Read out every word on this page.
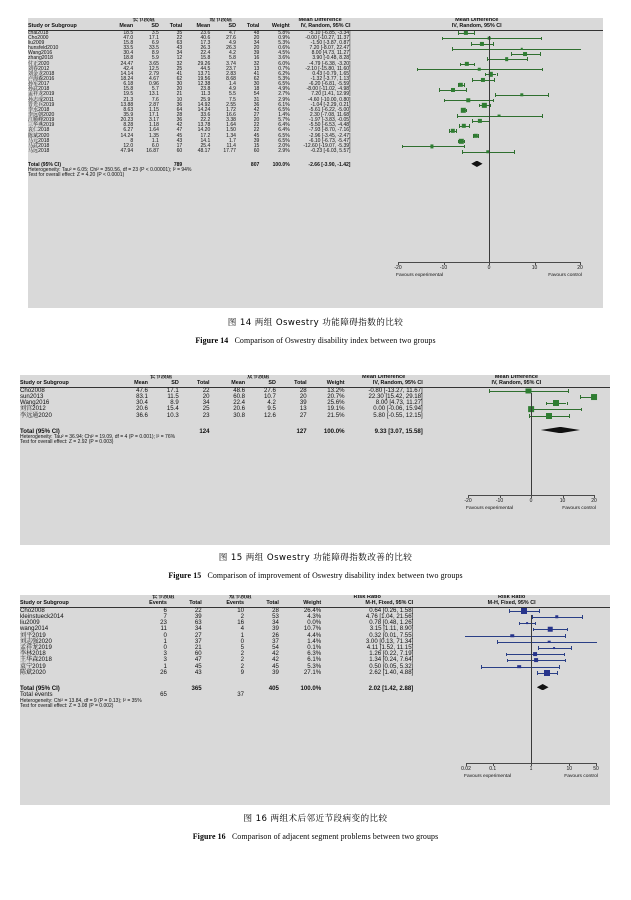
	长节段组			短节段组				Mean Difference	Mean Difference
Study or Subgroup	Mean	SD	Total	Mean	SD	Total	Weight	IV, Random, 95% CI	IV, Random, 95% CI

chai2018	18.5	3.5	35	23.6	4.7	48	5.8%	-5.10 [-6.85, -3.34]	
Cho2000	47.0	17.1	22	40.6	27.6	20	0.9%	-0.00 [-10.27, 11.37]	
liu2009	15.8	6.9	63	17.3	4.9	34	5.3%	-1.50 [-3.87, 0.87]	
hunsfeld2010	33.5	33.5	43	26.3	26.3	20	0.6%	7.20 [-8.07, 22.47]	
Wang2016	30.4	8.9	34	22.4	4.2	39	4.5%	8.00 [4.73, 11.27]	
zhang2018	18.8	5.9	12	15.8	5.8	16	3.6%	3.90 [-0.48, 8.28]	
付正2020	24.47	3.65	32	29.26	3.74	32	6.0%	-4.79 [-6.38, -3.20]	
刘春2012	42.4	12.5	25	44.5	23.7	13	0.7%	-2.10 [-15.80, 11.60]	
刘金龙2018	14.14	2.79	41	13.71	2.83	41	6.2%	0.43 [-0.79, 1.65]	
卢海森2016	18.24	4.67	62	19.56	8.68	62	5.3%	-1.32 [-3.77, 1.13]	
孙军2017	6.18	0.96	30	12.38	1.4	30	6.5%	-6.20 [-6.81, -5.59]	
孙武2018	15.8	5.7	20	23.8	4.9	18	4.9%	-8.00 [-11.02, -4.98]	
孟祥龙2019	19.5	13.1	21	11.3	5.5	54	2.7%	7.20 [1.41, 12.99]	
孙志成2011	21.3	7.6	10	25.9	7.5	31	2.9%	-4.60 [-10.00, 0.80]	
晋光兵2019	13.88	2.87	36	14.92	2.55	36	6.1%	-1.04 [-2.29, 0.21]	
李水2018	8.63	1.15	64	14.24	1.72	42	6.5%	-5.61 [-6.22, -5.00]	
李远朝2020	35.9	17.1	28	33.6	16.6	27	1.4%	2.30 [-7.08, 11.68]	
江顺峰2019	20.23	3.17	36	22.2	3.38	20	5.7%	-1.97 [-3.83, -0.05]	
三华燕2019	8.28	1.18	42	13.78	1.64	22	6.4%	-5.50 [-6.53, -4.48]	
袁仁2018	6.27	1.64	47	14.20	1.50	22	6.4%	-7.93 [-8.70, -7.16]	
陈斌2020	14.24	1.35	45	17.2	1.34	45	6.5%	-2.96 [-3.45, -2.47]	
马元2018	8	1.1	43	14.1	1.7	39	6.5%	-6.10 [-6.73, -5.47]	
马武2018	12.0	6.0	17	25.4	11.4	15	2.0%	-12.60 [-19.07, -5.39]	
马远2018	47.94	16.87	60	48.17	17.77	60	2.9%	-0.23 [-6.03, 5.57]	

Total (95% CI)			789			807	100.0%	-2.66 [-3.90, -1.42]	
Heterogeneity: Tau² = 6.05; Chi² = 350.56, df = 23 (P < 0.00001); I² = 94%									
Test for overall effect: Z = 4.20 (P < 0.0001)									
-20	-10	0	10	20
Favours experimental	Favours control
图 14 两组 Oswestry 功能障碍指数的比较
Figure 14 Comparison of Oswestry disability index between two groups
	长节段组			双节段组				Mean Difference	Mean Difference
Study or Subgroup	Mean	SD	Total	Mean	SD	Total	Weight	IV, Random, 95% CI	IV, Random, 95% CI

Cho2008	47.6	17.1	22	48.6	27.6	28	13.2%	-0.80 [-13.27, 11.67]	
sun2013	83.1	11.5	20	60.8	10.7	20	20.7%	22.30 [15.42, 29.18]	
Wang2016	30.4	8.9	34	22.4	4.2	39	25.6%	8.00 [4.73, 11.27]	
刘宫2012	20.6	15.4	25	20.6	9.5	13	19.1%	0.00 [-0.06, 15.94]	
李远通2020	36.6	10.3	23	30.8	12.6	27	21.5%	5.80 [-0.55, 12.15]	

Total (95% CI)			124			127	100.0%	9.33 [3.07, 15.58]	
Heterogeneity: Tau² = 36.94; Chi² = 19.09, df = 4 (P = 0.001); I² = 76%									
Test for overall effect: Z = 2.92 (P = 0.003)									
-20	-10	0	10	20
Favours experimental	Favours control
图 15 两组 Oswestry 功能障碍指数改善的比较
Figure 15 Comparison of improvement of Oswestry disability index between two groups
	长节段组		短节段组			Risk Ratio	Risk Ratio
Study or Subgroup	Events	Total	Events	Total	Weight	M-H, Fixed, 95% CI	M-H, Fixed, 95% CI

Cho2008	6	22	10	28	26.4%	0.64 [0.26, 1.58]	
kleinstueck2014	7	39	2	53	4.3%	4.76 [1.04, 21.56]	
liu2009	23	63	16	34	0.0%	0.78 [0.48, 1.26]	
wang2014	11	34	4	39	10.7%	3.15 [1.11, 8.90]	
刘平2019	0	27	1	26	4.4%	0.32 [0.01, 7.55]	
刘志强2020	1	37	0	37	1.4%	3.00 [0.13, 71.34]	
孟祥龙2019	0	21	5	54	0.1%	4.11 [1.52, 11.15]	
李林2018	3	60	2	42	6.3%	1.26 [0.22, 7.19]	
王华森2018	3	47	2	42	6.1%	1.34 [0.24, 7.64]	
袁宁2019	1	45	2	45	5.3%	0.50 [0.05, 5.32]	
陈斌2020	26	43	9	39	27.1%	2.62 [1.40, 4.88]	

Total (95% CI)		365		405	100.0%	2.02 [1.42, 2.88]	
Total events	65		37				
Heterogeneity: Chi² = 13.84, df = 9 (P = 0.13); I² = 35%							
Test for overall effect: Z = 3.08 (P = 0.002)							
0.02	0.1	1	10	50
Favours experimental	Favours control
图 16 两组术后邻近节段病变的比较
Figure 16 Comparison of adjacent segment problems between two groups
